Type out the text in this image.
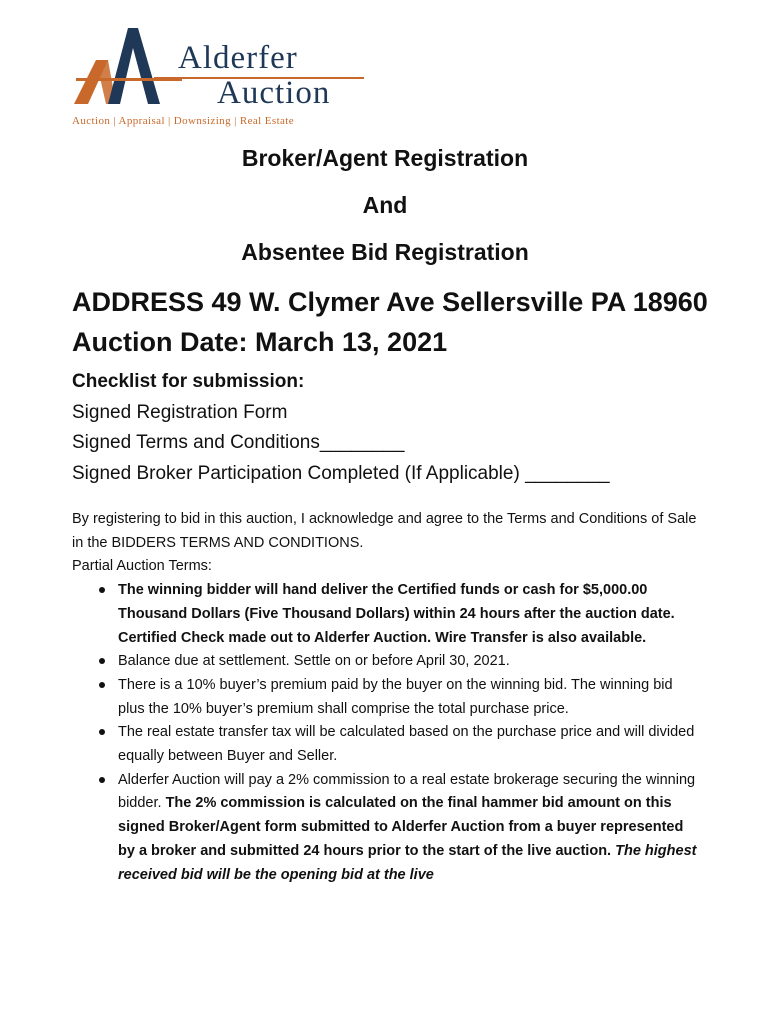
Alderfer
Auction
Auction | Appraisal | Downsizing | Real Estate
Broker/Agent Registration
And
Absentee Bid Registration
ADDRESS 49 W. Clymer Ave Sellersville PA 18960
Auction Date: March 13, 2021
Checklist for submission:
Signed Registration Form
Signed Terms and Conditions________
Signed Broker Participation Completed (If Applicable) ________

By registering to bid in this auction, I acknowledge and agree to the Terms and Conditions of Sale in the BIDDERS TERMS AND CONDITIONS.

Partial Auction Terms:

The winning bidder will hand deliver the Certified funds or cash for $5,000.00 Thousand Dollars (Five Thousand Dollars) within 24 hours after the auction date. Certified Check made out to Alderfer Auction. Wire Transfer is also available.
Balance due at settlement. Settle on or before April 30, 2021.
There is a 10% buyer’s premium paid by the buyer on the winning bid. The winning bid plus the 10% buyer’s premium shall comprise the total purchase price.
The real estate transfer tax will be calculated based on the purchase price and will divided equally between Buyer and Seller.
Alderfer Auction will pay a 2% commission to a real estate brokerage securing the winning bidder. The 2% commission is calculated on the final hammer bid amount on this signed Broker/Agent form submitted to Alderfer Auction from a buyer represented by a broker and submitted 24 hours prior to the start of the live auction. The highest received bid will be the opening bid at the live
